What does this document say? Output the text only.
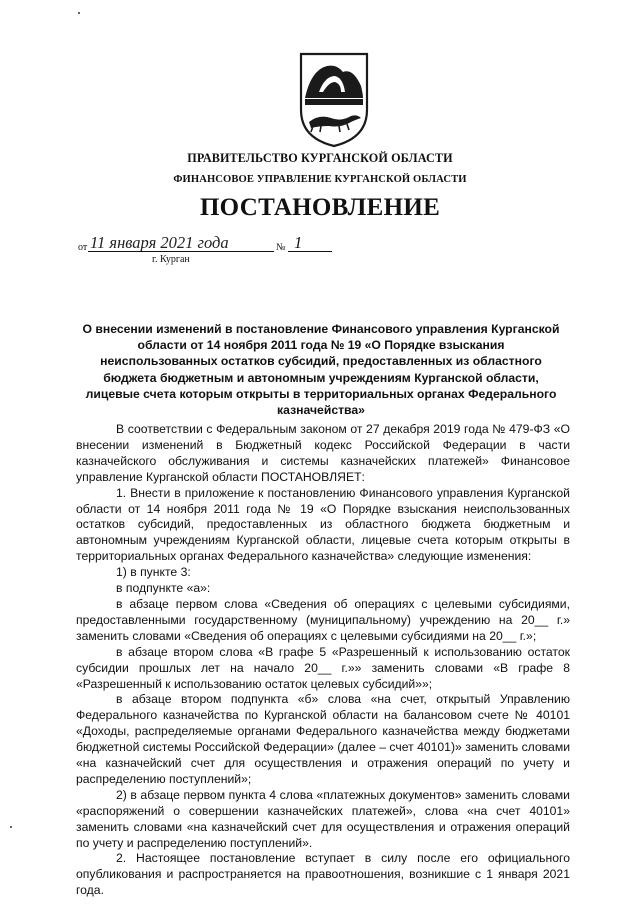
ПРАВИТЕЛЬСТВО КУРГАНСКОЙ ОБЛАСТИ
ФИНАНСОВОЕ УПРАВЛЕНИЕ КУРГАНСКОЙ ОБЛАСТИ
ПОСТАНОВЛЕНИЕ
от 11 января 2021 года	№ 1
г. Курган
О внесении изменений в постановление Финансового управления Курганской области от 14 ноября 2011 года № 19 «О Порядке взыскания неиспользованных остатков субсидий, предоставленных из областного бюджета бюджетным и автономным учреждениям Курганской области, лицевые счета которым открыты в территориальных органах Федерального казначейства»

В соответствии с Федеральным законом от 27 декабря 2019 года № 479-ФЗ «О внесении изменений в Бюджетный кодекс Российской Федерации в части казначейского обслуживания и системы казначейских платежей» Финансовое управление Курганской области ПОСТАНОВЛЯЕТ:

1. Внести в приложение к постановлению Финансового управления Курганской области от 14 ноября 2011 года № 19 «О Порядке взыскания неиспользованных остатков субсидий, предоставленных из областного бюджета бюджетным и автономным учреждениям Курганской области, лицевые счета которым открыты в территориальных органах Федерального казначейства» следующие изменения:

1) в пункте 3:

в подпункте «а»:

в абзаце первом слова «Сведения об операциях с целевыми субсидиями, предоставленными государственному (муниципальному) учреждению на 20__ г.» заменить словами «Сведения об операциях с целевыми субсидиями на 20__ г.»;

в абзаце втором слова «В графе 5 «Разрешенный к использованию остаток субсидии прошлых лет на начало 20__ г.»» заменить словами «В графе 8 «Разрешенный к использованию остаток целевых субсидий»»;

в абзаце втором подпункта «б» слова «на счет, открытый Управлению Федерального казначейства по Курганской области на балансовом счете № 40101 «Доходы, распределяемые органами Федерального казначейства между бюджетами бюджетной системы Российской Федерации» (далее – счет 40101)» заменить словами «на казначейский счет для осуществления и отражения операций по учету и распределению поступлений»;

2) в абзаце первом пункта 4 слова «платежных документов» заменить словами «распоряжений о совершении казначейских платежей», слова «на счет 40101» заменить словами «на казначейский счет для осуществления и отражения операций по учету и распределению поступлений».

2. Настоящее постановление вступает в силу после его официального опубликования и распространяется на правоотношения, возникшие с 1 января 2021 года.
